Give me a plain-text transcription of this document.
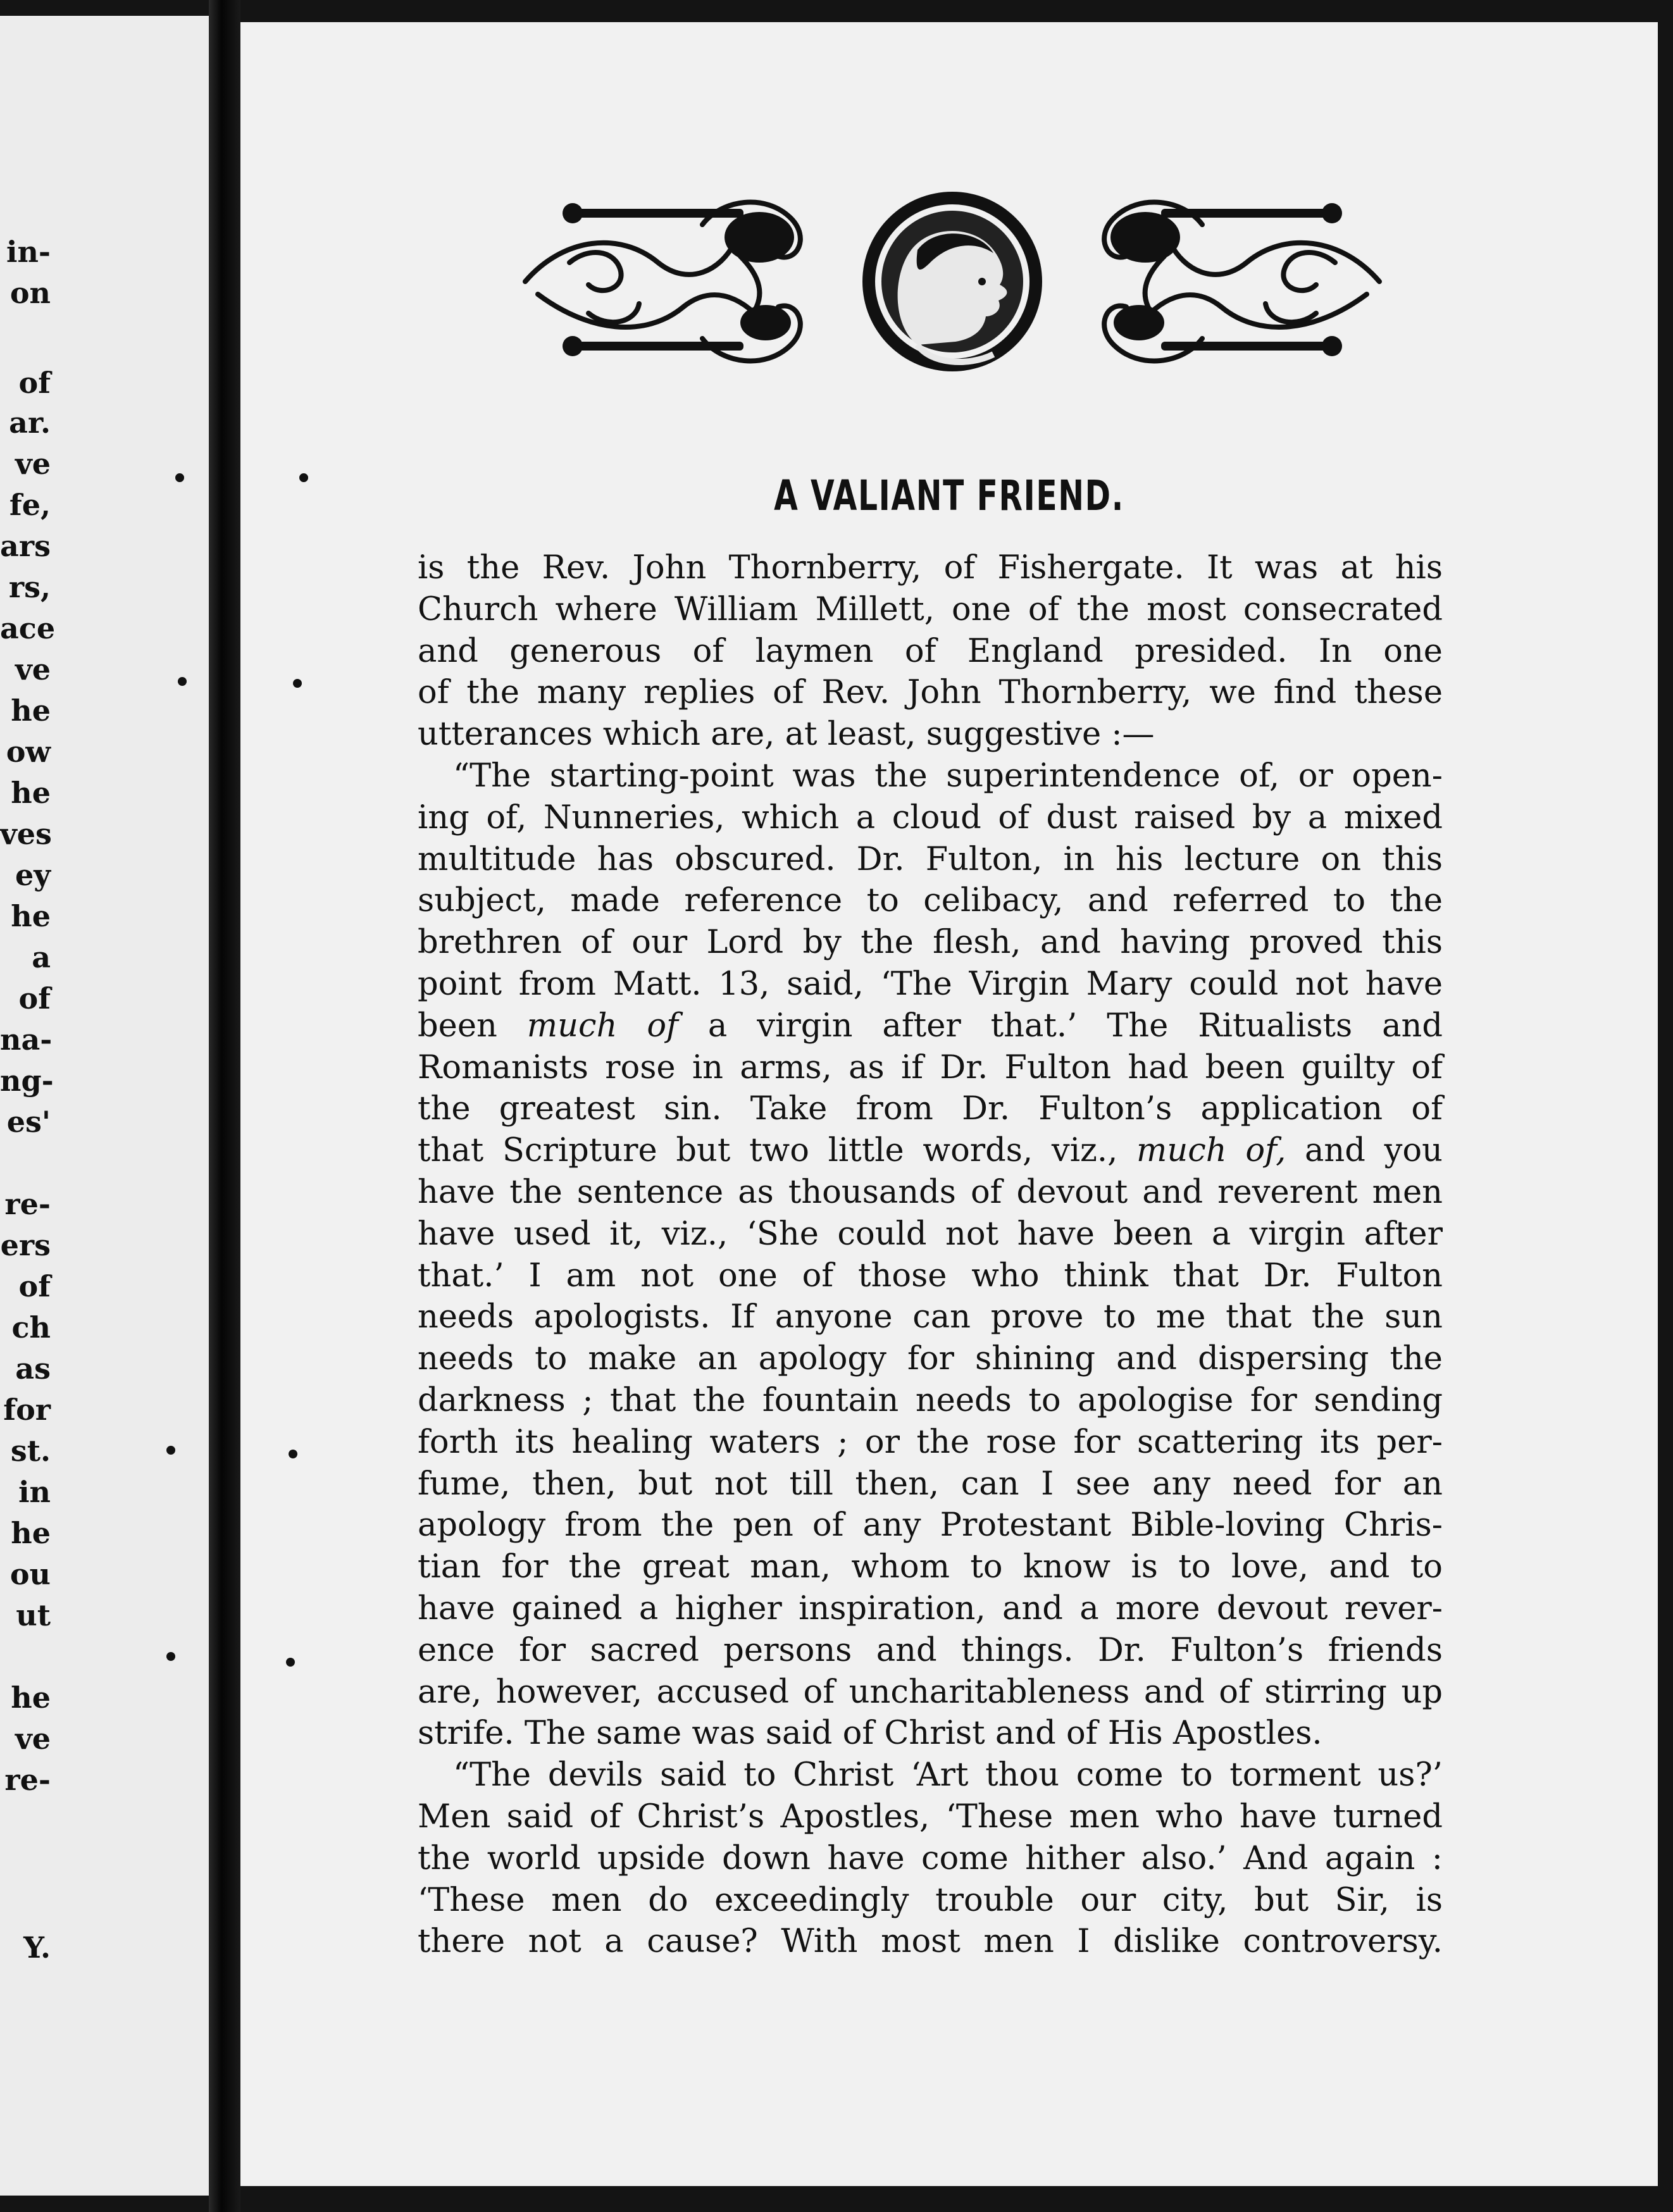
in-
on
of
ar.
ve
fe,
ars
rs,
ace
ve
he
ow
he
ves
ey
he
a
of
na-
ng-
es'
re-
ers
of
ch
as
for
st.
in
he
ou
ut
he
ve
re-
Y.
A VALIANT FRIEND.

is the Rev. John Thornberry, of Fishergate. It was at his
Church where William Millett, one of the most consecrated
and generous of laymen of England presided. In one
of the many replies of Rev. John Thornberry, we find these
utterances which are, at least, suggestive :—

“The starting-point was the superintendence of, or open-
ing of, Nunneries, which a cloud of dust raised by a mixed
multitude has obscured. Dr. Fulton, in his lecture on this
subject, made reference to celibacy, and referred to the
brethren of our Lord by the flesh, and having proved this
point from Matt. 13, said, ‘The Virgin Mary could not have
been much of a virgin after that.’ The Ritualists and
Romanists rose in arms, as if Dr. Fulton had been guilty of
the greatest sin. Take from Dr. Fulton’s application of
that Scripture but two little words, viz., much of, and you
have the sentence as thousands of devout and reverent men
have used it, viz., ‘She could not have been a virgin after
that.’ I am not one of those who think that Dr. Fulton
needs apologists. If anyone can prove to me that the sun
needs to make an apology for shining and dispersing the
darkness ; that the fountain needs to apologise for sending
forth its healing waters ; or the rose for scattering its per-
fume, then, but not till then, can I see any need for an
apology from the pen of any Protestant Bible-loving Chris-
tian for the great man, whom to know is to love, and to
have gained a higher inspiration, and a more devout rever-
ence for sacred persons and things. Dr. Fulton’s friends
are, however, accused of uncharitableness and of stirring up
strife. The same was said of Christ and of His Apostles.

“The devils said to Christ ‘Art thou come to torment us?’
Men said of Christ’s Apostles, ‘These men who have turned
the world upside down have come hither also.’ And again :
‘These men do exceedingly trouble our city, but Sir, is
there not a cause? With most men I dislike controversy.
